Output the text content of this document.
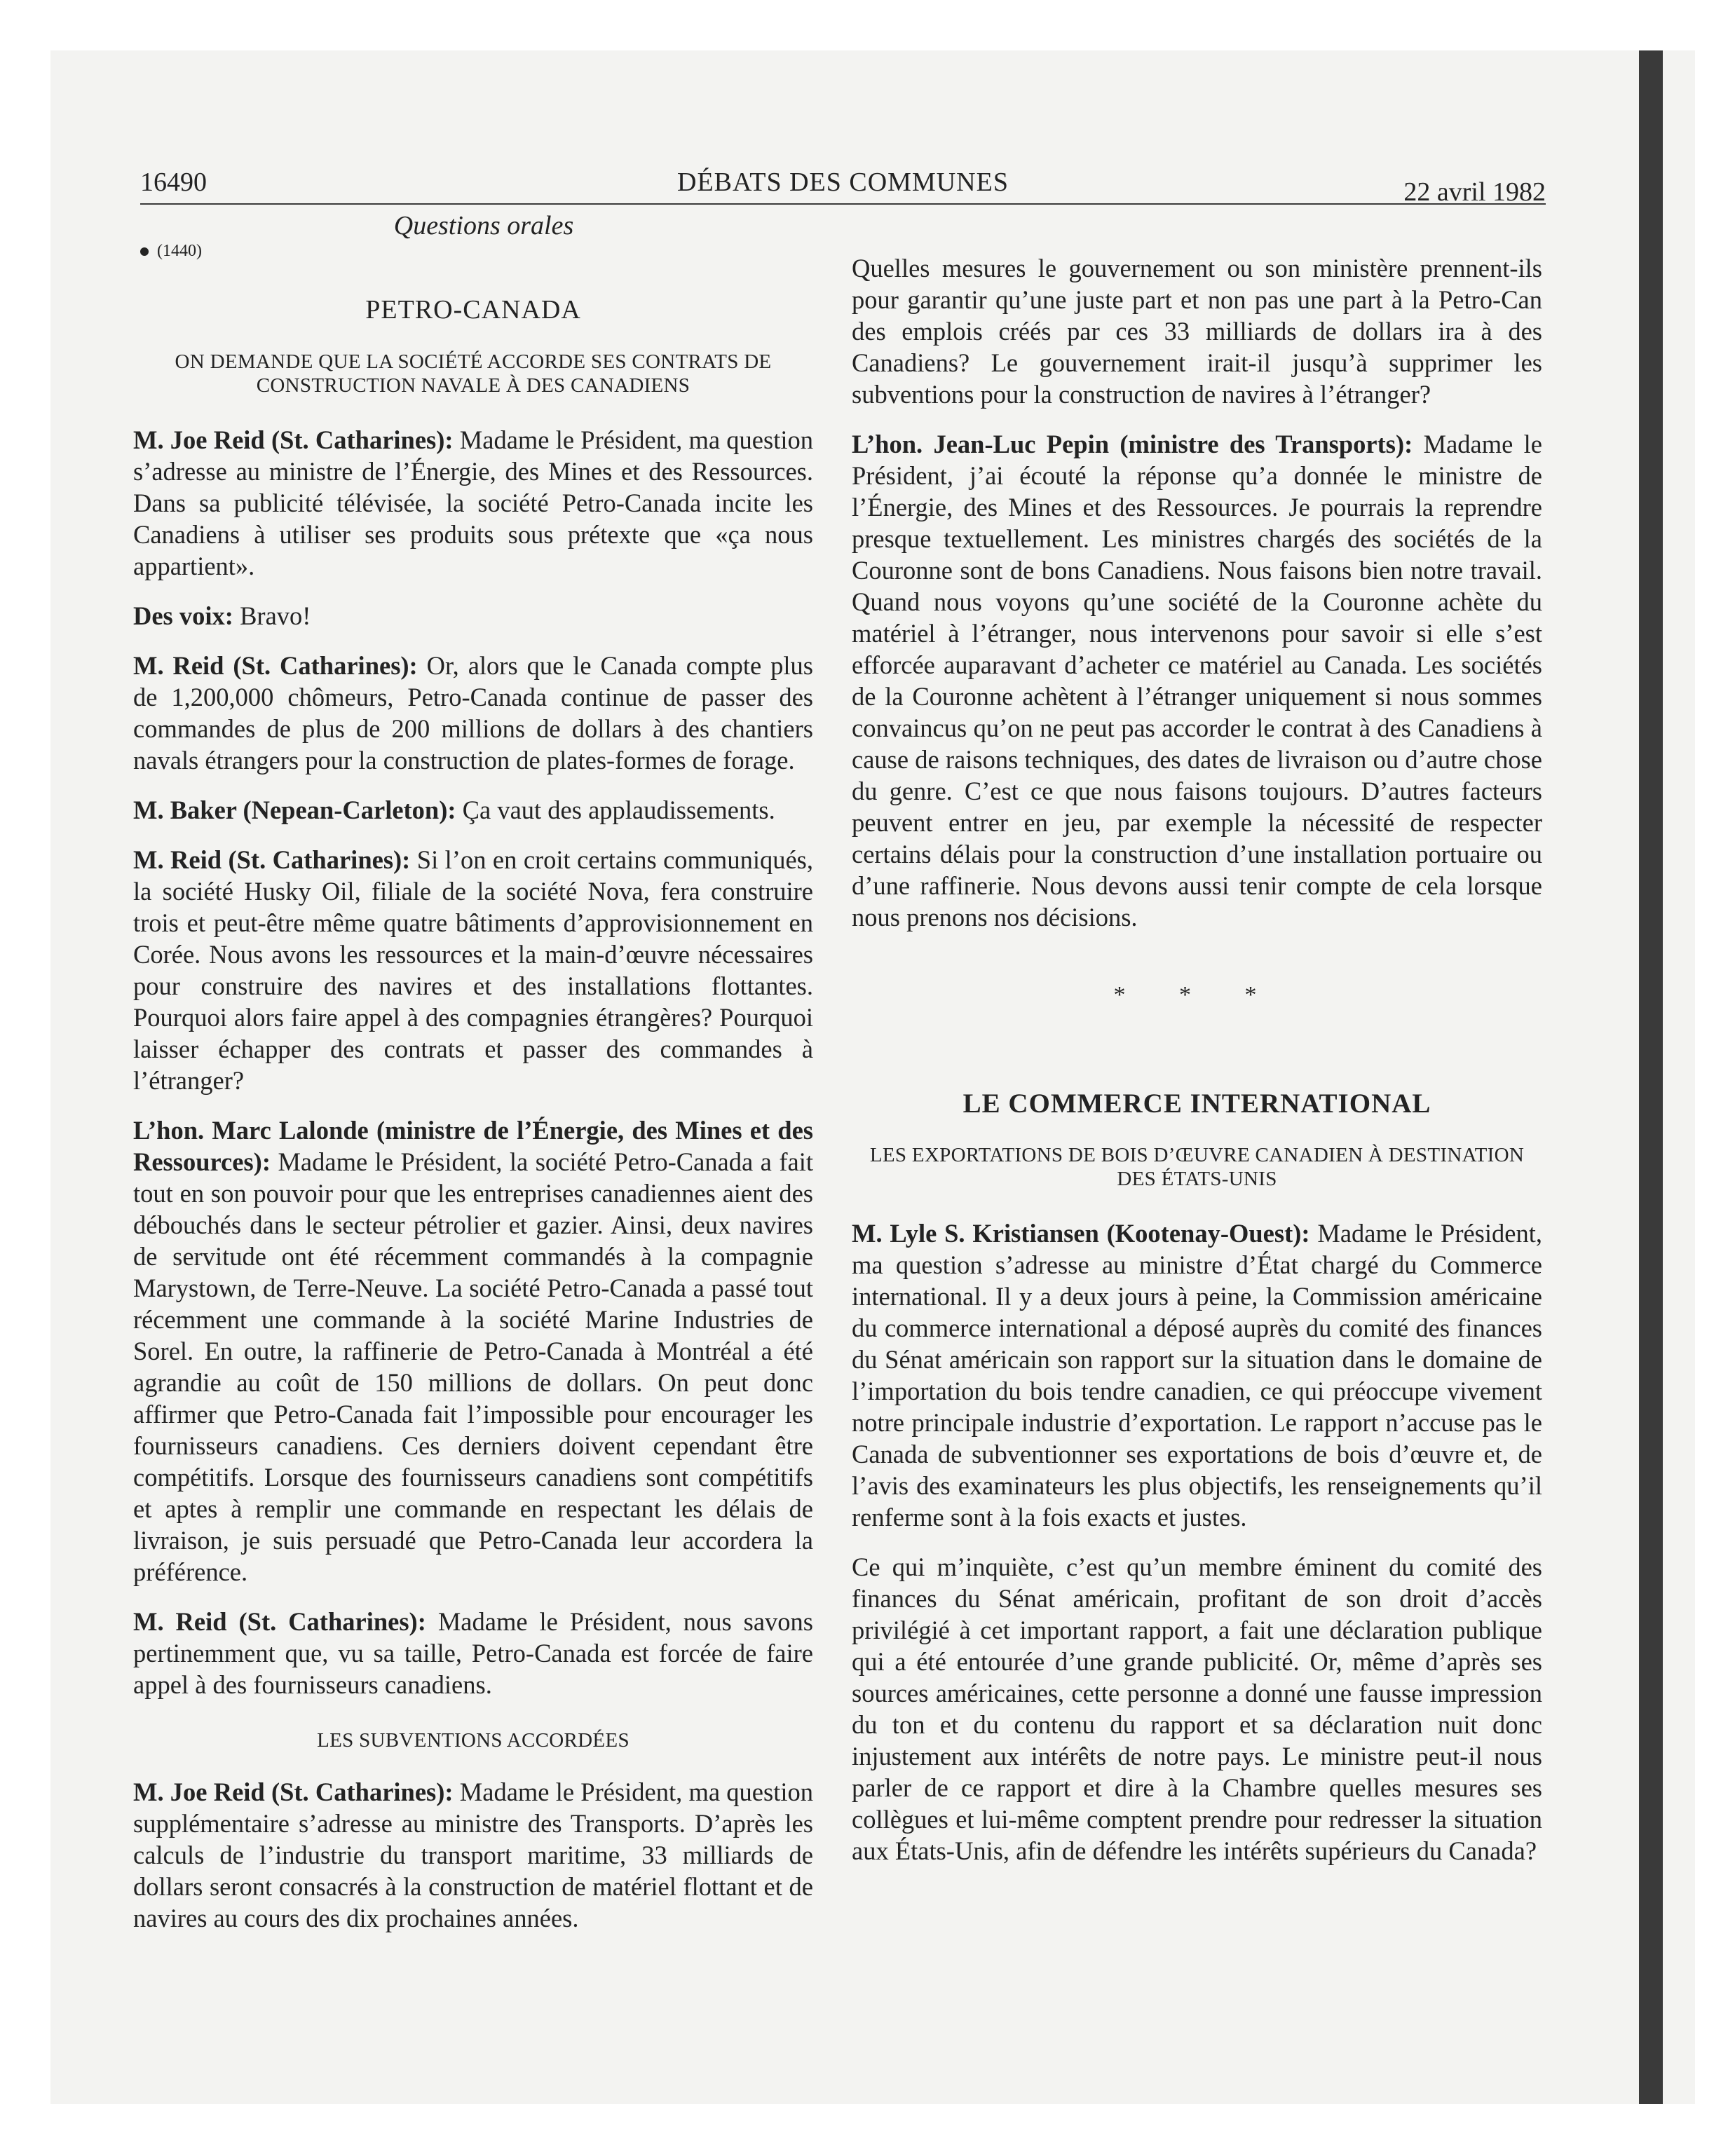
16490	DÉBATS DES COMMUNES	22 avril 1982
Questions orales
(1440)
PETRO-CANADA
ON DEMANDE QUE LA SOCIÉTÉ ACCORDE SES CONTRATS DE CONSTRUCTION NAVALE À DES CANADIENS

M. Joe Reid (St. Catharines): Madame le Président, ma question s’adresse au ministre de l’Énergie, des Mines et des Ressources. Dans sa publicité télévisée, la société Petro-Canada incite les Canadiens à utiliser ses produits sous prétexte que «ça nous appartient».

Des voix: Bravo!

M. Reid (St. Catharines): Or, alors que le Canada compte plus de 1,200,000 chômeurs, Petro-Canada continue de passer des commandes de plus de 200 millions de dollars à des chantiers navals étrangers pour la construction de plates-formes de forage.

M. Baker (Nepean-Carleton): Ça vaut des applaudissements.

M. Reid (St. Catharines): Si l’on en croit certains communiqués, la société Husky Oil, filiale de la société Nova, fera construire trois et peut-être même quatre bâtiments d’approvisionnement en Corée. Nous avons les ressources et la main-d’œuvre nécessaires pour construire des navires et des installations flottantes. Pourquoi alors faire appel à des compagnies étrangères? Pourquoi laisser échapper des contrats et passer des commandes à l’étranger?

L’hon. Marc Lalonde (ministre de l’Énergie, des Mines et des Ressources): Madame le Président, la société Petro-Canada a fait tout en son pouvoir pour que les entreprises canadiennes aient des débouchés dans le secteur pétrolier et gazier. Ainsi, deux navires de servitude ont été récemment commandés à la compagnie Marystown, de Terre-Neuve. La société Petro-Canada a passé tout récemment une commande à la société Marine Industries de Sorel. En outre, la raffinerie de Petro-Canada à Montréal a été agrandie au coût de 150 millions de dollars. On peut donc affirmer que Petro-Canada fait l’impossible pour encourager les fournisseurs canadiens. Ces derniers doivent cependant être compétitifs. Lorsque des fournisseurs canadiens sont compétitifs et aptes à remplir une commande en respectant les délais de livraison, je suis persuadé que Petro-Canada leur accordera la préférence.

M. Reid (St. Catharines): Madame le Président, nous savons pertinemment que, vu sa taille, Petro-Canada est forcée de faire appel à des fournisseurs canadiens.

LES SUBVENTIONS ACCORDÉES

M. Joe Reid (St. Catharines): Madame le Président, ma question supplémentaire s’adresse au ministre des Transports. D’après les calculs de l’industrie du transport maritime, 33 milliards de dollars seront consacrés à la construction de matériel flottant et de navires au cours des dix prochaines années.

Quelles mesures le gouvernement ou son ministère prennent-ils pour garantir qu’une juste part et non pas une part à la Petro-Can des emplois créés par ces 33 milliards de dollars ira à des Canadiens? Le gouvernement irait-il jusqu’à supprimer les subventions pour la construction de navires à l’étranger?

L’hon. Jean-Luc Pepin (ministre des Transports): Madame le Président, j’ai écouté la réponse qu’a donnée le ministre de l’Énergie, des Mines et des Ressources. Je pourrais la reprendre presque textuellement. Les ministres chargés des sociétés de la Couronne sont de bons Canadiens. Nous faisons bien notre travail. Quand nous voyons qu’une société de la Couronne achète du matériel à l’étranger, nous intervenons pour savoir si elle s’est efforcée auparavant d’acheter ce matériel au Canada. Les sociétés de la Couronne achètent à l’étranger uniquement si nous sommes convaincus qu’on ne peut pas accorder le contrat à des Canadiens à cause de raisons techniques, des dates de livraison ou d’autre chose du genre. C’est ce que nous faisons toujours. D’autres facteurs peuvent entrer en jeu, par exemple la nécessité de respecter certains délais pour la construction d’une installation portuaire ou d’une raffinerie. Nous devons aussi tenir compte de cela lorsque nous prenons nos décisions.

* * *
LE COMMERCE INTERNATIONAL
LES EXPORTATIONS DE BOIS D’ŒUVRE CANADIEN À DESTINATION DES ÉTATS-UNIS

M. Lyle S. Kristiansen (Kootenay-Ouest): Madame le Président, ma question s’adresse au ministre d’État chargé du Commerce international. Il y a deux jours à peine, la Commission américaine du commerce international a déposé auprès du comité des finances du Sénat américain son rapport sur la situation dans le domaine de l’importation du bois tendre canadien, ce qui préoccupe vivement notre principale industrie d’exportation. Le rapport n’accuse pas le Canada de subventionner ses exportations de bois d’œuvre et, de l’avis des examinateurs les plus objectifs, les renseignements qu’il renferme sont à la fois exacts et justes.

Ce qui m’inquiète, c’est qu’un membre éminent du comité des finances du Sénat américain, profitant de son droit d’accès privilégié à cet important rapport, a fait une déclaration publique qui a été entourée d’une grande publicité. Or, même d’après ses sources américaines, cette personne a donné une fausse impression du ton et du contenu du rapport et sa déclaration nuit donc injustement aux intérêts de notre pays. Le ministre peut-il nous parler de ce rapport et dire à la Chambre quelles mesures ses collègues et lui-même comptent prendre pour redresser la situation aux États-Unis, afin de défendre les intérêts supérieurs du Canada?
